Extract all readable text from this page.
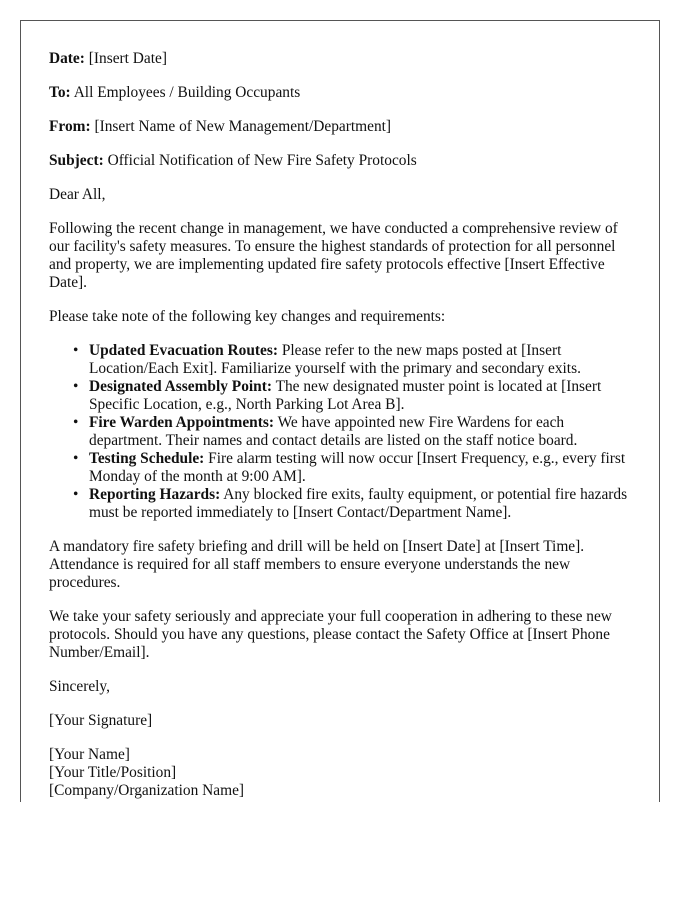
Date: [Insert Date]
To: All Employees / Building Occupants
From: [Insert Name of New Management/Department]
Subject: Official Notification of New Fire Safety Protocols

Dear All,

Following the recent change in management, we have conducted a comprehensive review of our facility's safety measures. To ensure the highest standards of protection for all personnel and property, we are implementing updated fire safety protocols effective [Insert Effective Date].

Please take note of the following key changes and requirements:

• Updated Evacuation Routes: Please refer to the new maps posted at [Insert Location/Each Exit]. Familiarize yourself with the primary and secondary exits.
• Designated Assembly Point: The new designated muster point is located at [Insert Specific Location, e.g., North Parking Lot Area B].
• Fire Warden Appointments: We have appointed new Fire Wardens for each department. Their names and contact details are listed on the staff notice board.
• Testing Schedule: Fire alarm testing will now occur [Insert Frequency, e.g., every first Monday of the month at 9:00 AM].
• Reporting Hazards: Any blocked fire exits, faulty equipment, or potential fire hazards must be reported immediately to [Insert Contact/Department Name].

A mandatory fire safety briefing and drill will be held on [Insert Date] at [Insert Time]. Attendance is required for all staff members to ensure everyone understands the new procedures.

We take your safety seriously and appreciate your full cooperation in adhering to these new protocols. Should you have any questions, please contact the Safety Office at [Insert Phone Number/Email].

Sincerely,

[Your Signature]

[Your Name]
[Your Title/Position]
[Company/Organization Name]
